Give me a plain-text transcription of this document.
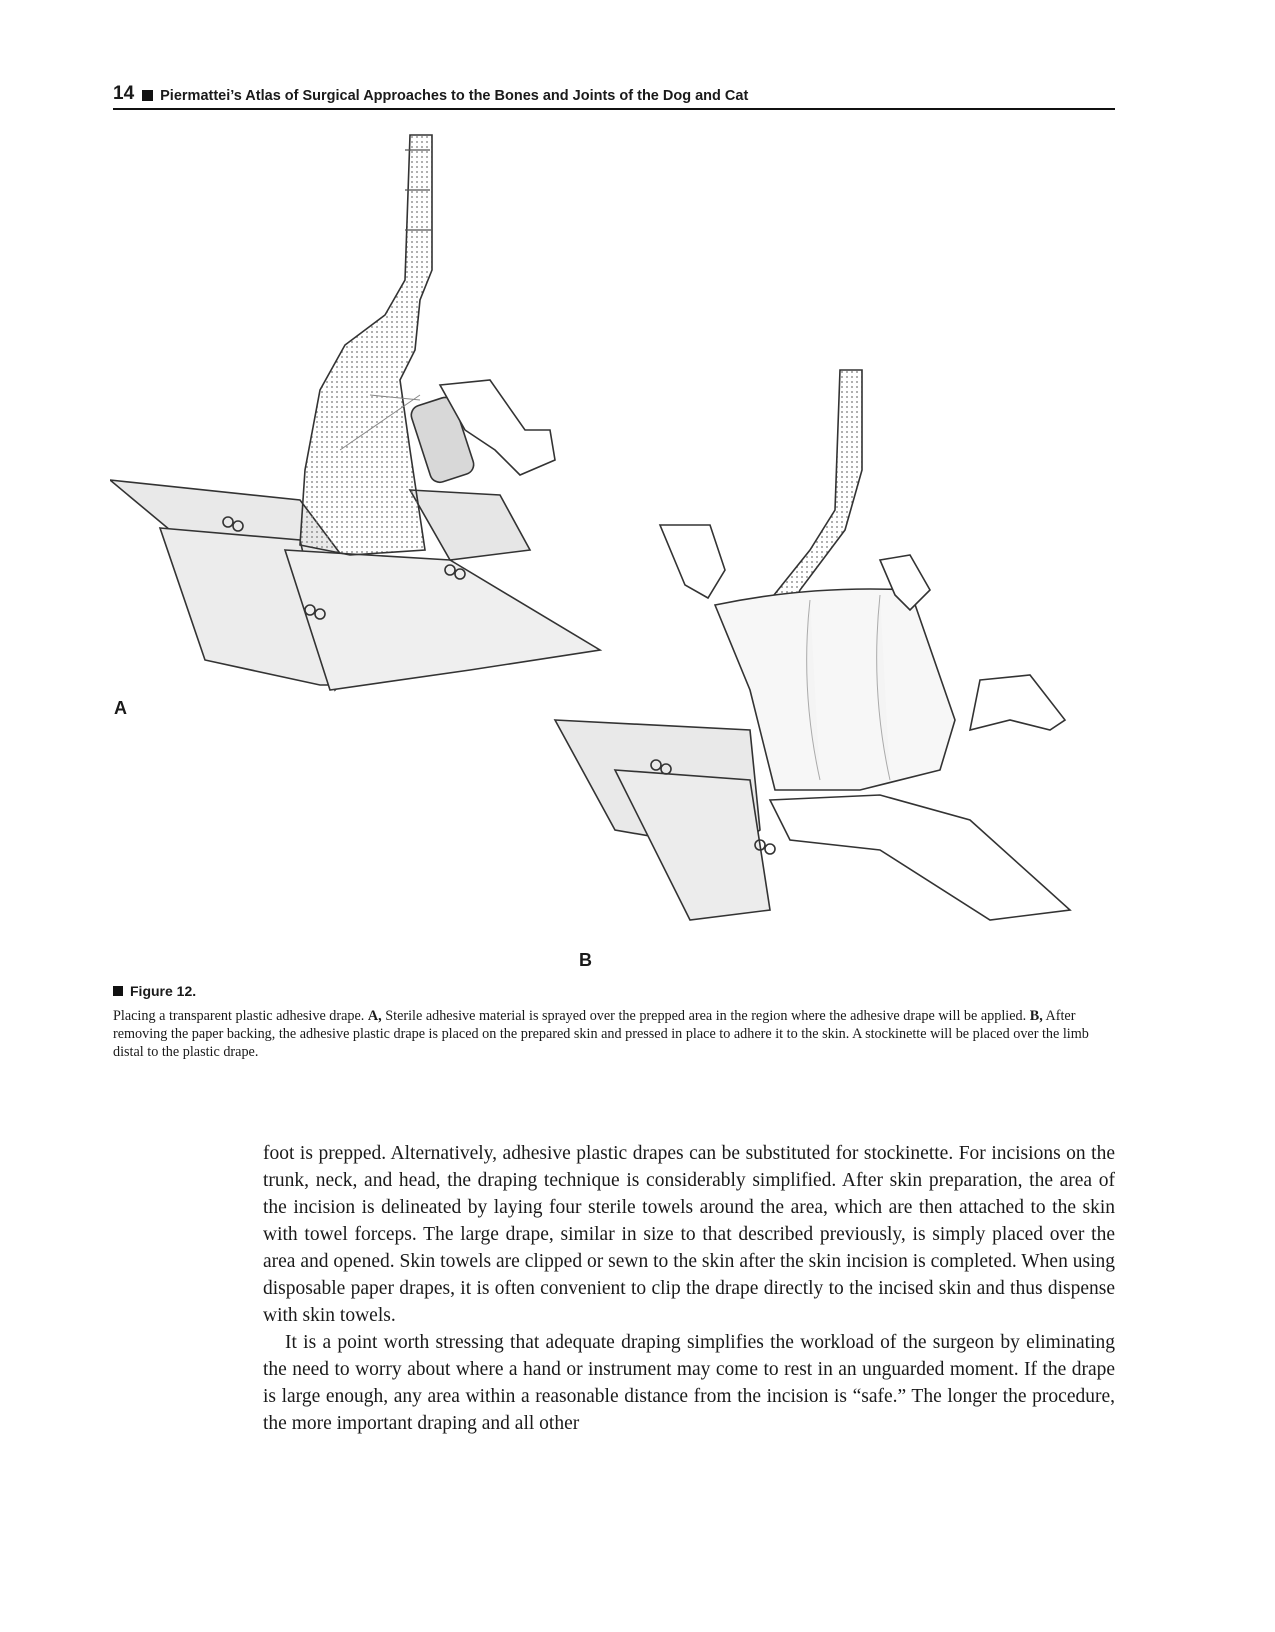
14 Piermattei’s Atlas of Surgical Approaches to the Bones and Joints of the Dog and Cat
A
B
Figure 12.
Placing a transparent plastic adhesive drape. A, Sterile adhesive material is sprayed over the prepped area in the region where the adhesive drape will be applied. B, After removing the paper backing, the adhesive plastic drape is placed on the prepared skin and pressed in place to adhere it to the skin. A stockinette will be placed over the limb distal to the plastic drape.

foot is prepped. Alternatively, adhesive plastic drapes can be substituted for stockinette. For incisions on the trunk, neck, and head, the draping technique is considerably simplified. After skin preparation, the area of the incision is delineated by laying four sterile towels around the area, which are then attached to the skin with towel forceps. The large drape, similar in size to that described previously, is simply placed over the area and opened. Skin towels are clipped or sewn to the skin after the skin incision is completed. When using disposable paper drapes, it is often convenient to clip the drape directly to the incised skin and thus dispense with skin towels.

It is a point worth stressing that adequate draping simplifies the workload of the surgeon by eliminating the need to worry about where a hand or instrument may come to rest in an unguarded moment. If the drape is large enough, any area within a reasonable distance from the incision is “safe.” The longer the procedure, the more important draping and all other
